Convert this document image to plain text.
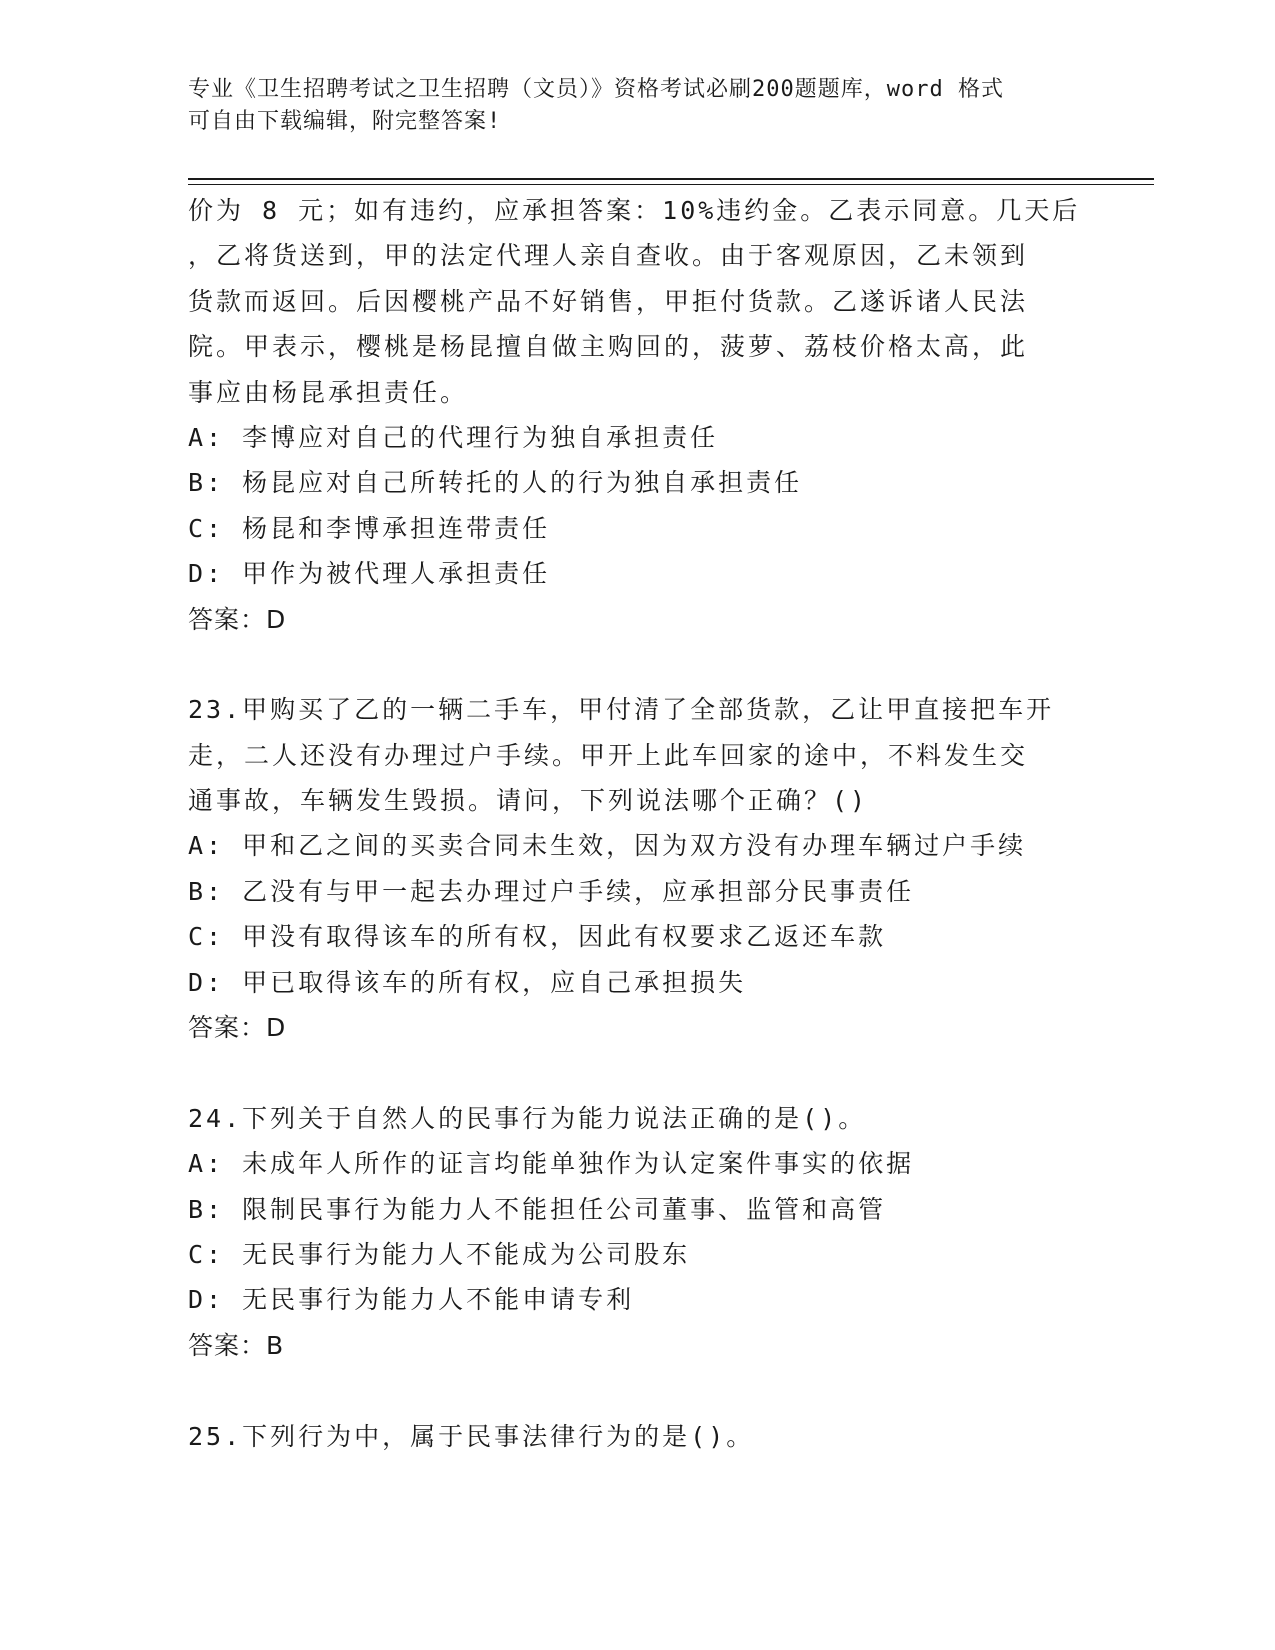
专业《卫生招聘考试之卫生招聘（文员）》资格考试必刷200题题库，word 格式
可自由下载编辑，附完整答案!
价为 8 元；如有违约，应承担答案：10%违约金。乙表示同意。几天后
，乙将货送到，甲的法定代理人亲自查收。由于客观原因，乙未领到
货款而返回。后因樱桃产品不好销售，甲拒付货款。乙遂诉诸人民法
院。甲表示，樱桃是杨昆擅自做主购回的，菠萝、荔枝价格太高，此
事应由杨昆承担责任。
A: 李博应对自己的代理行为独自承担责任
B: 杨昆应对自己所转托的人的行为独自承担责任
C: 杨昆和李博承担连带责任
D: 甲作为被代理人承担责任
答案：D
23.甲购买了乙的一辆二手车，甲付清了全部货款，乙让甲直接把车开
走，二人还没有办理过户手续。甲开上此车回家的途中，不料发生交
通事故，车辆发生毁损。请问，下列说法哪个正确？()
A: 甲和乙之间的买卖合同未生效，因为双方没有办理车辆过户手续
B: 乙没有与甲一起去办理过户手续，应承担部分民事责任
C: 甲没有取得该车的所有权，因此有权要求乙返还车款
D: 甲已取得该车的所有权，应自己承担损失
答案：D
24.下列关于自然人的民事行为能力说法正确的是()。
A: 未成年人所作的证言均能单独作为认定案件事实的依据
B: 限制民事行为能力人不能担任公司董事、监管和高管
C: 无民事行为能力人不能成为公司股东
D: 无民事行为能力人不能申请专利
答案：B
25.下列行为中，属于民事法律行为的是()。
